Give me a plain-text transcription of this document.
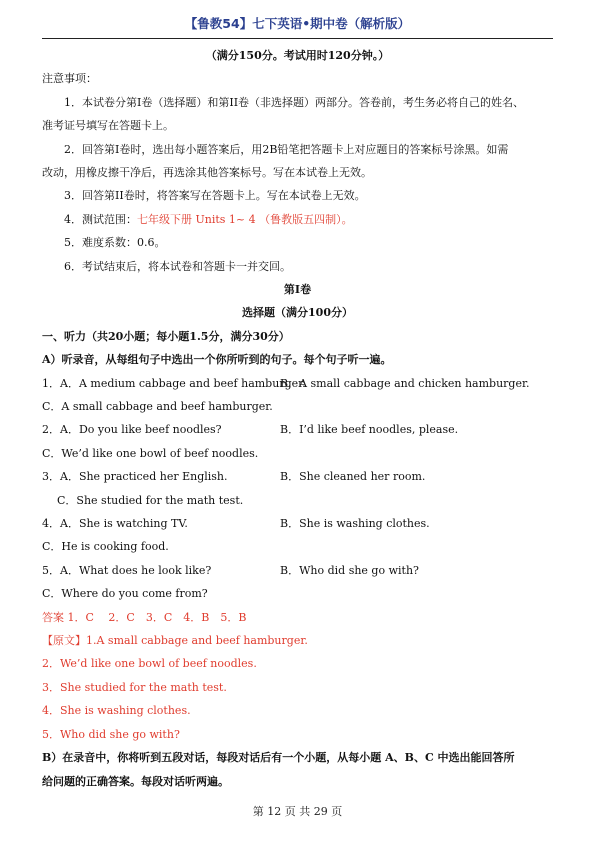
【鲁教54】七下英语•期中卷（解析版）
（满分150分。考试用时120分钟。）
注意事项：
1．本试卷分第I卷（选择题）和第II卷（非选择题）两部分。答卷前，考生务必将自己的姓名、
准考证号填写在答题卡上。
2．回答第I卷时，选出每小题答案后，用2B铅笔把答题卡上对应题目的答案标号涂黑。如需
改动，用橡皮擦干净后，再选涂其他答案标号。写在本试卷上无效。
3．回答第II卷时，将答案写在答题卡上。写在本试卷上无效。
4．测试范围：七年级下册 Units 1~ 4 （鲁教版五四制）。
5．难度系数：0.6。
6．考试结束后，将本试卷和答题卡一并交回。
第I卷
选择题（满分100分）
一、听力（共20小题；每小题1.5分，满分30分）
A）听录音，从每组句子中选出一个你所听到的句子。每个句子听一遍。
1．A．A medium cabbage and beef hamburger.
B．A small cabbage and chicken hamburger.
C．A small cabbage and beef hamburger.
2．A．Do you like beef noodles?	B．I’d like beef noodles, please.
C．We’d like one bowl of beef noodles.
3．A．She practiced her English.	B．She cleaned her room.
C．She studied for the math test.
4．A．She is watching TV.	B．She is washing clothes.
C．He is cooking food.
5．A．What does he look like?	B．Who did she go with?
C．Where do you come from?
答案 1．C　 2．C　3．C　4．B　5．B
【原文】1.A small cabbage and beef hamburger.
2．We’d like one bowl of beef noodles.
3．She studied for the math test.
4．She is washing clothes.
5．Who did she go with?
B）在录音中，你将听到五段对话，每段对话后有一个小题，从每小题 A、B、C 中选出能回答所
给问题的正确答案。每段对话听两遍。
第 12 页 共 29 页
